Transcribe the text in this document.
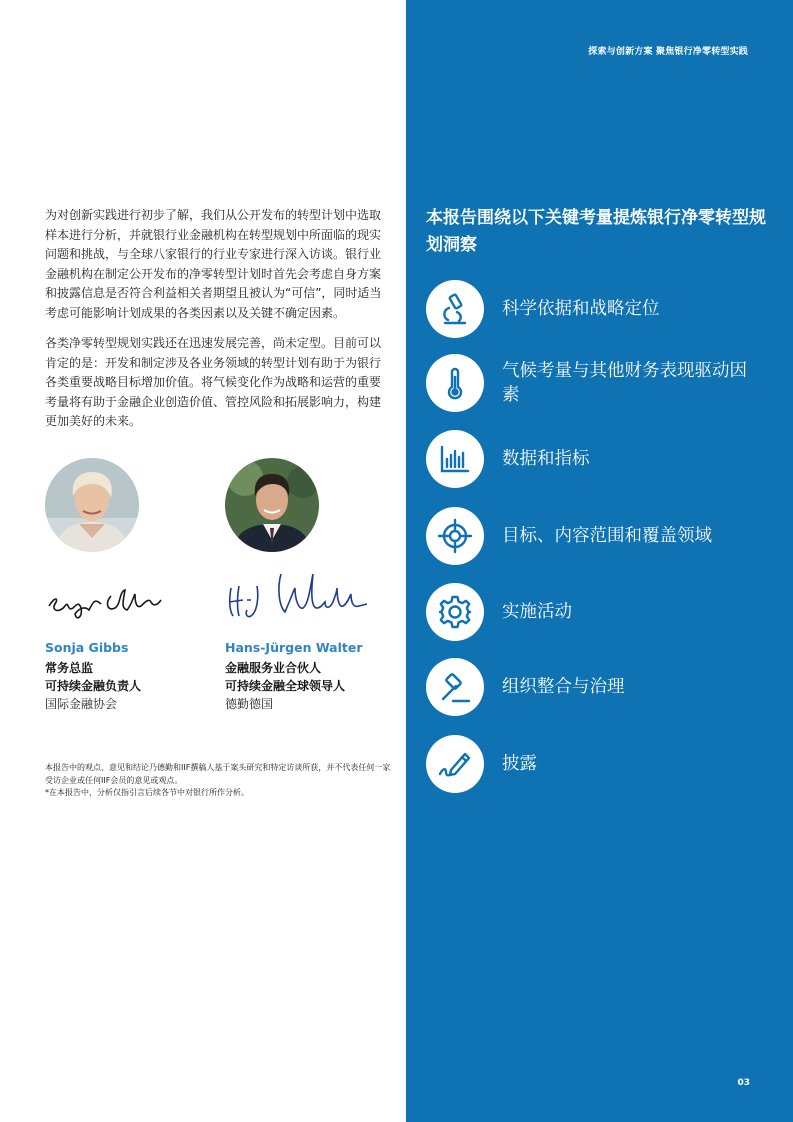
探索与创新方案 聚焦银行净零转型实践

为对创新实践进行初步了解，我们从公开发布的转型计划中选取样本进行分析，并就银行业金融机构在转型规划中所面临的现实问题和挑战，与全球八家银行的行业专家进行深入访谈。银行业金融机构在制定公开发布的净零转型计划时首先会考虑自身方案和披露信息是否符合利益相关者期望且被认为“可信”，同时适当考虑可能影响计划成果的各类因素以及关键不确定因素。

各类净零转型规划实践还在迅速发展完善，尚未定型。目前可以肯定的是：开发和制定涉及各业务领域的转型计划有助于为银行各类重要战略目标增加价值。将气候变化作为战略和运营的重要考量将有助于金融企业创造价值、管控风险和拓展影响力，构建更加美好的未来。

Sonja Gibbs
常务总监
可持续金融负责人
国际金融协会
Hans-Jürgen Walter
金融服务业合伙人
可持续金融全球领导人
德勤德国
本报告中的观点、意见和结论乃德勤和IIF撰稿人基于案头研究和特定访谈所获，并不代表任何一家受访企业或任何IIF会员的意见或观点。
*在本报告中，分析仅指引言后续各节中对银行所作分析。
本报告围绕以下关键考量提炼银行净零转型规划洞察
科学依据和战略定位
气候考量与其他财务表现驱动因素
数据和指标
目标、内容范围和覆盖领域
实施活动
组织整合与治理
披露
03
